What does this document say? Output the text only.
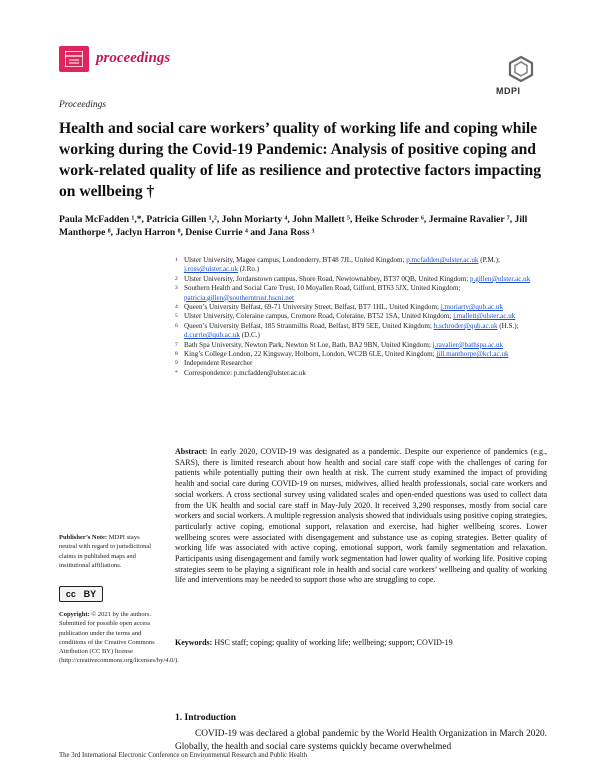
proceedings
MDPI
Proceedings
Health and social care workers’ quality of working life and coping while working during the Covid-19 Pandemic: Analysis of positive coping and work-related quality of life as resilience and protective factors impacting on wellbeing †
Paula McFadden ¹,*, Patricia Gillen ¹,², John Moriarty ⁴, John Mallett ⁵, Heike Schroder ⁶, Jermaine Ravalier ⁷, Jill Manthorpe ⁸, Jaclyn Harron ⁸, Denise Currie ⁴ and Jana Ross ¹

1 Ulster University, Magee campus, Londonderry, BT48 7JL, United Kingdom; p.mcfadden@ulster.ac.uk (P.M.); j.ross@ulster.ac.uk (J.Ro.)

2 Ulster University, Jordanstown campus, Shore Road, Newtownabbey, BT37 0QB, United Kingdom; p.gillen@ulster.ac.uk

3 Southern Health and Social Care Trust, 10 Moyallen Road, Gilford, BT63 5JX, United Kingdom; patricia.gillen@southerntrust.hscni.net

4 Queen’s University Belfast, 69-71 University Street, Belfast, BT7 1HL, United Kingdom; j.moriarty@qub.ac.uk

5 Ulster University, Coleraine campus, Cromore Road, Coleraine, BT52 1SA, United Kingdom; j.mallett@ulster.ac.uk

6 Queen’s University Belfast, 185 Stranmillis Road, Belfast, BT9 5EE, United Kingdom; h.schroder@qub.ac.uk (H.S.); d.currie@qub.ac.uk (D.C.)

7 Bath Spa University, Newton Park, Newton St Loe, Bath, BA2 9BN, United Kingdom; j.ravalier@bathspa.ac.uk

8 King’s College London, 22 Kingsway, Holborn, London, WC2B 6LE, United Kingdom; jill.manthorpe@kcl.ac.uk

9 Independent Researcher

* Correspondence: p.mcfadden@ulster.ac.uk

Abstract: In early 2020, COVID-19 was designated as a pandemic. Despite our experience of pandemics (e.g., SARS), there is limited research about how health and social care staff cope with the challenges of caring for patients while potentially putting their own health at risk. The current study examined the impact of providing health and social care during COVID-19 on nurses, midwives, allied health professionals, social care workers and social workers. A cross sectional survey using validated scales and open-ended questions was used to collect data from the UK health and social care staff in May-July 2020. It received 3,290 responses, mostly from social care workers and social workers. A multiple regression analysis showed that individuals using positive coping strategies, particularly active coping, emotional support, relaxation and exercise, had higher wellbeing scores. Lower wellbeing scores were associated with disengagement and substance use as coping strategies. Better quality of working life was associated with active coping, emotional support, work family segmentation and relaxation. Participants using disengagement and family work segmentation had lower quality of working life. Positive coping strategies seem to be playing a significant role in health and social care workers’ wellbeing and quality of working life and interventions may be needed to support those who are struggling to cope.

Keywords: HSC staff; coping; quality of working life; wellbeing; support; COVID-19

Publisher’s Note: MDPI stays neutral with regard to jurisdictional claims in published maps and institutional affiliations.

cc BY

Copyright: © 2021 by the authors. Submitted for possible open access publication under the terms and conditions of the Creative Commons Attribution (CC BY) license (http://creativecommons.org/licenses/by/4.0/).

1. Introduction

COVID-19 was declared a global pandemic by the World Health Organization in March 2020. Globally, the health and social care systems quickly became overwhelmed

The 3rd International Electronic Conference on Environmental Research and Public Health
